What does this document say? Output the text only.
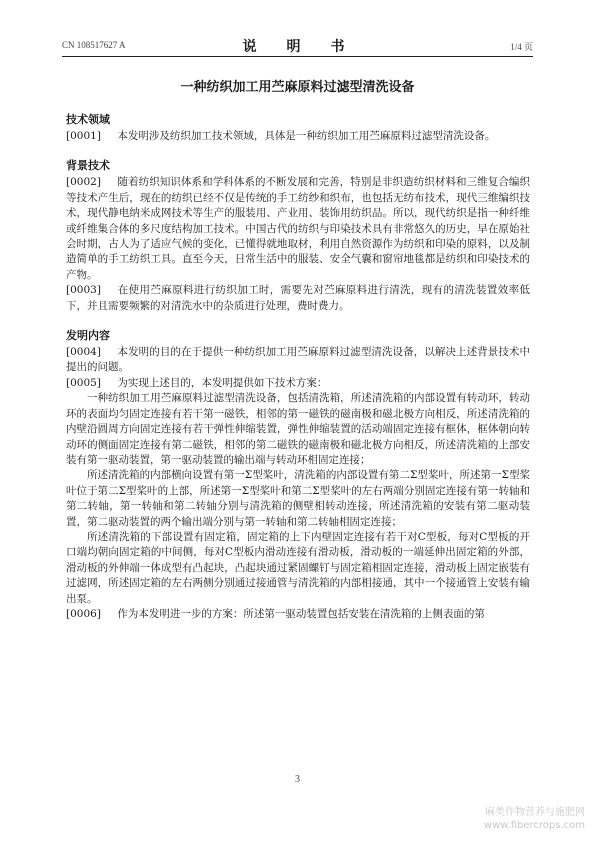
CN 108517627 A	说　明　书	1/4 页
一种纺织加工用苎麻原料过滤型清洗设备
技术领域

[0001]  本发明涉及纺织加工技术领域，具体是一种纺织加工用苎麻原料过滤型清洗设备。

背景技术

[0002]  随着纺织知识体系和学科体系的不断发展和完善，特别是非织造纺织材料和三维复合编织等技术产生后，现在的纺织已经不仅是传统的手工纺纱和织布，也包括无纺布技术，现代三维编织技术，现代静电纳米成网技术等生产的服装用、产业用、装饰用纺织品。所以，现代纺织是指一种纤维或纤维集合体的多尺度结构加工技术。中国古代的纺织与印染技术具有非常悠久的历史，早在原始社会时期，古人为了适应气候的变化，已懂得就地取材，利用自然资源作为纺织和印染的原料，以及制造简单的手工纺织工具。直至今天，日常生活中的服装、安全气囊和窗帘地毯都是纺织和印染技术的产物。

[0003]  在使用苎麻原料进行纺织加工时，需要先对苎麻原料进行清洗，现有的清洗装置效率低下，并且需要频繁的对清洗水中的杂质进行处理，费时费力。

发明内容

[0004]  本发明的目的在于提供一种纺织加工用苎麻原料过滤型清洗设备，以解决上述背景技术中提出的问题。

[0005]  为实现上述目的，本发明提供如下技术方案：

一种纺织加工用苎麻原料过滤型清洗设备，包括清洗箱，所述清洗箱的内部设置有转动环，转动环的表面均匀固定连接有若干第一磁铁，相邻的第一磁铁的磁南极和磁北极方向相反，所述清洗箱的内壁沿圆周方向固定连接有若干弹性伸缩装置，弹性伸缩装置的活动端固定连接有框体，框体朝向转动环的侧面固定连接有第二磁铁，相邻的第二磁铁的磁南极和磁北极方向相反，所述清洗箱的上部安装有第一驱动装置，第一驱动装置的输出端与转动环相固定连接；

所述清洗箱的内部横向设置有第一Σ型桨叶，清洗箱的内部设置有第二Σ型桨叶，所述第一Σ型桨叶位于第二Σ型桨叶的上部，所述第一Σ型桨叶和第二Σ型桨叶的左右两端分别固定连接有第一转轴和第二转轴，第一转轴和第二转轴分别与清洗箱的侧壁相转动连接，所述清洗箱的安装有第二驱动装置，第二驱动装置的两个输出端分别与第一转轴和第二转轴相固定连接；

所述清洗箱的下部设置有固定箱，固定箱的上下内壁固定连接有若干对C型板，每对C型板的开口端均朝向固定箱的中间侧，每对C型板内滑动连接有滑动板，滑动板的一端延伸出固定箱的外部，滑动板的外伸端一体成型有凸起块，凸起块通过紧固螺钉与固定箱相固定连接，滑动板上固定嵌装有过滤网，所述固定箱的左右两侧分别通过接通管与清洗箱的内部相接通，其中一个接通管上安装有输出泵。

[0006]  作为本发明进一步的方案：所述第一驱动装置包括安装在清洗箱的上侧表面的第

3
麻类作物营养与施肥网
www.fibercrops.com
